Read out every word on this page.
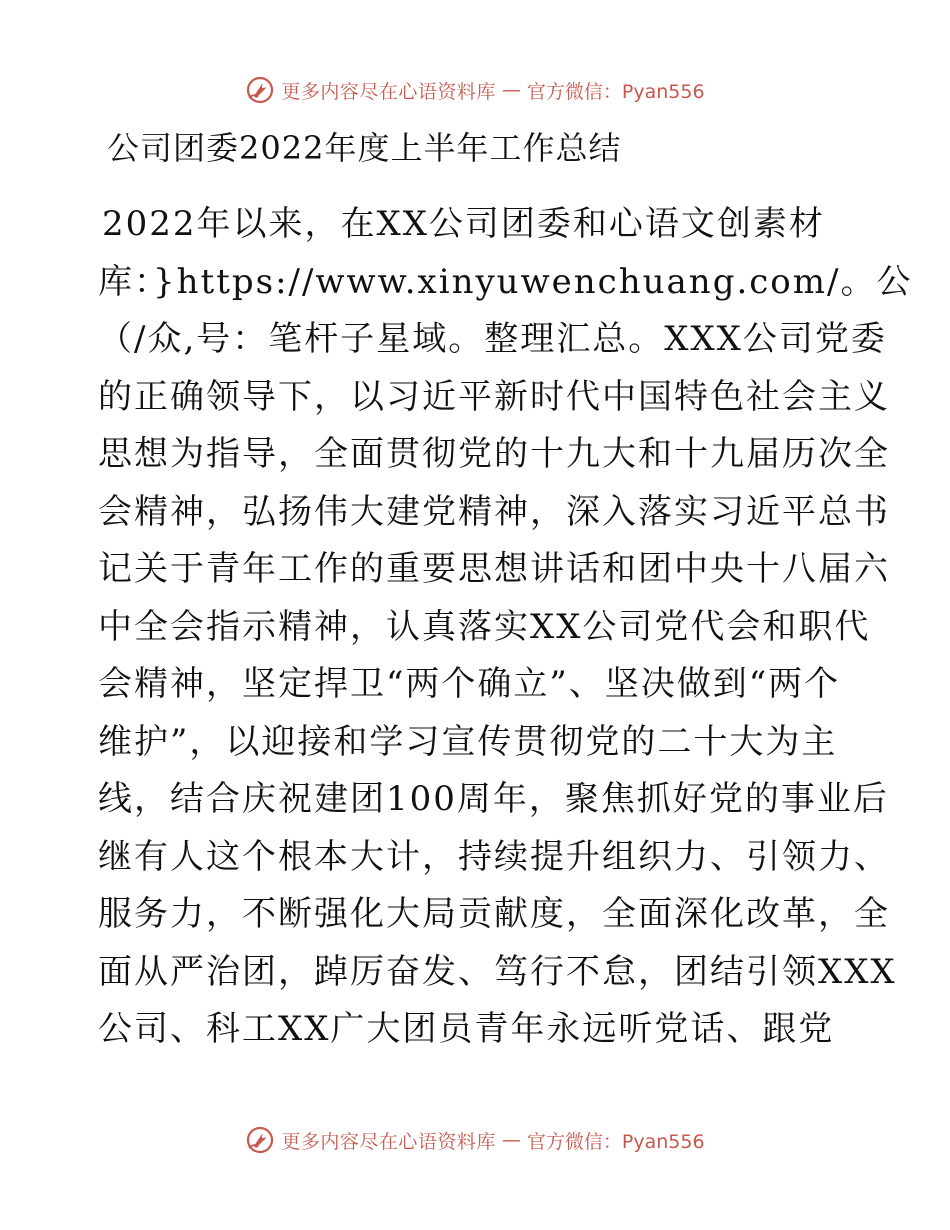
更多内容尽在心语资料库 — 官方微信：Pyan556
公司团委2022年度上半年工作总结
2022年以来，在XX公司团委和心语文创素材
库：}https://www.xinyuwenchuang.com/。公
（/众,号：笔杆子星域。整理汇总。XXX公司党委
的正确领导下，以习近平新时代中国特色社会主义
思想为指导，全面贯彻党的十九大和十九届历次全
会精神，弘扬伟大建党精神，深入落实习近平总书
记关于青年工作的重要思想讲话和团中央十八届六
中全会指示精神，认真落实XX公司党代会和职代
会精神，坚定捍卫“两个确立”、坚决做到“两个
维护”，以迎接和学习宣传贯彻党的二十大为主
线，结合庆祝建团100周年，聚焦抓好党的事业后
继有人这个根本大计，持续提升组织力、引领力、
服务力，不断强化大局贡献度，全面深化改革，全
面从严治团，踔厉奋发、笃行不怠，团结引领XXX
公司、科工XX广大团员青年永远听党话、跟党
更多内容尽在心语资料库 — 官方微信：Pyan556
